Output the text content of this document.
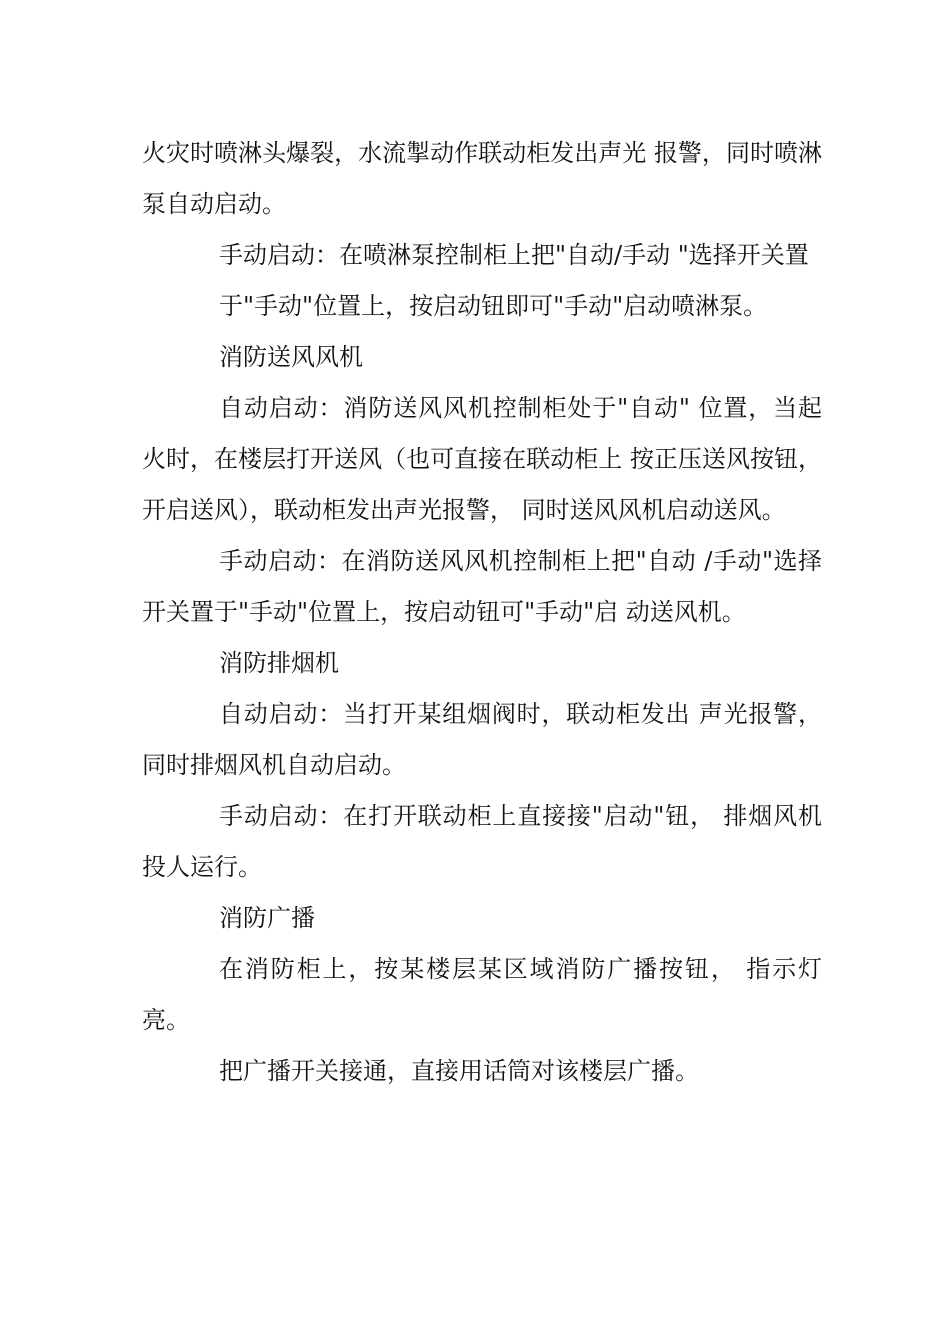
火灾时喷淋头爆裂，水流掣动作联动柜发出声光 报警，同时喷淋泵自动启动。

手动启动：在喷淋泵控制柜上把"自动/手动 "选择开关置

于"手动"位置上，按启动钮即可"手动"启动喷淋泵。

消防送风风机

自动启动：消防送风风机控制柜处于"自动" 位置，当起火时，在楼层打开送风（也可直接在联动柜上 按正压送风按钮，开启送风），联动柜发出声光报警， 同时送风风机启动送风。

手动启动：在消防送风风机控制柜上把"自动 /手动"选择开关置于"手动"位置上，按启动钮可"手动"启 动送风机。

消防排烟机

自动启动：当打开某组烟阀时，联动柜发出 声光报警，同时排烟风机自动启动。

手动启动：在打开联动柜上直接接"启动"钮， 排烟风机投人运行。

消防广播

在消防柜上，按某楼层某区域消防广播按钮， 指示灯亮。

把广播开关接通，直接用话筒对该楼层广播。
